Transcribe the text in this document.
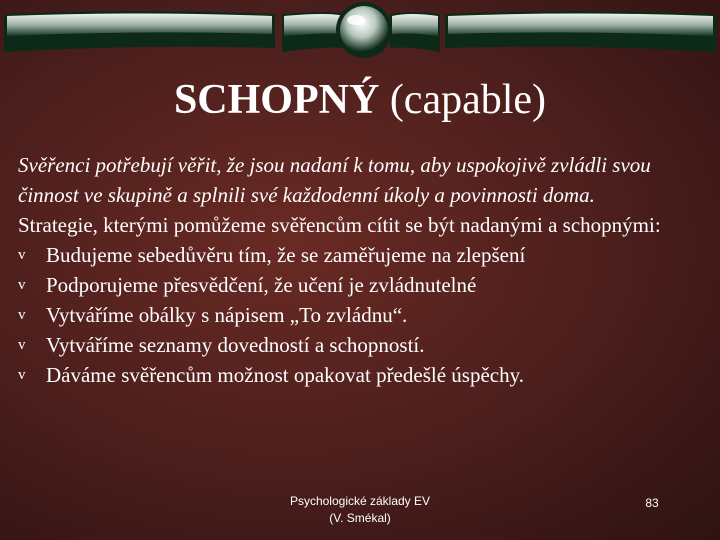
SCHOPNÝ (capable)

Svěřenci potřebují věřit, že jsou nadaní k tomu, aby uspokojivě zvládli svou činnost ve skupině a splnili své každodenní úkoly a povinnosti doma.

Strategie, kterými pomůžeme svěřencům cítit se být nadanými a schopnými:

v Budujeme sebedůvěru tím, že se zaměřujeme na zlepšení
v Podporujeme přesvědčení, že učení je zvládnutelné
v Vytváříme obálky s nápisem „To zvládnu“.
v Vytváříme seznamy dovedností a schopností.
v Dáváme svěřencům možnost opakovat předešlé úspěchy.
Psychologické základy EV
(V. Smékal)
83
